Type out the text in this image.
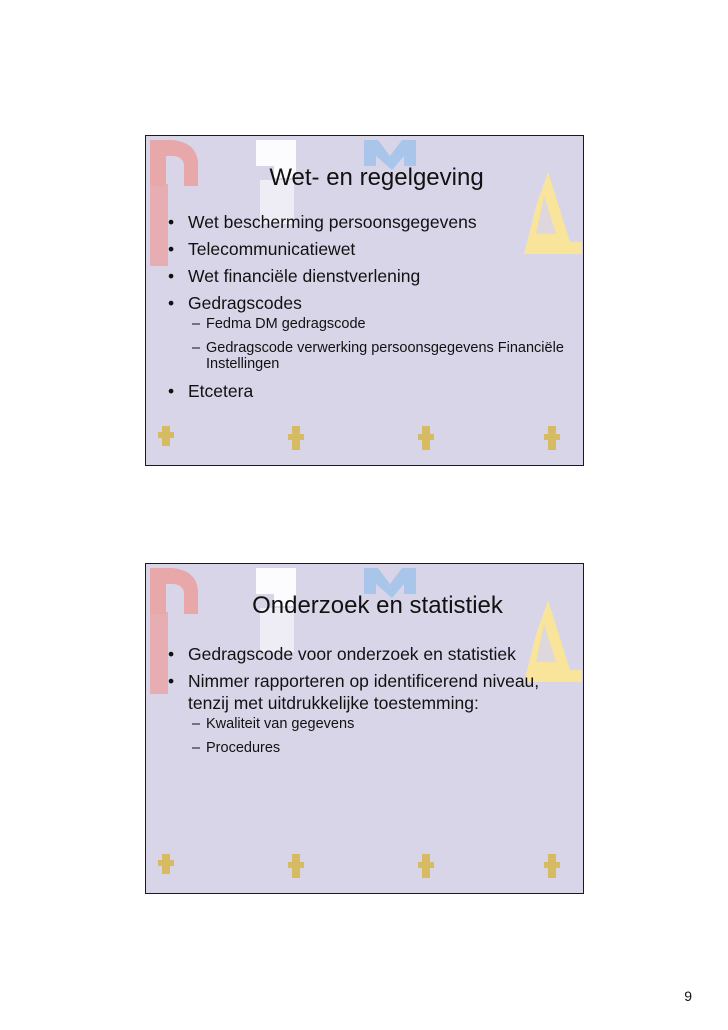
Wet- en regelgeving
• Wet bescherming persoonsgegevens
• Telecommunicatiewet
• Wet financiële dienstverlening
• Gedragscodes
– Fedma DM gedragscode
– Gedragscode verwerking persoonsgegevens Financiële Instellingen
• Etcetera
Onderzoek en statistiek
• Gedragscode voor onderzoek en statistiek
• Nimmer rapporteren op identificerend niveau, tenzij met uitdrukkelijke toestemming:
– Kwaliteit van gegevens
– Procedures
9
